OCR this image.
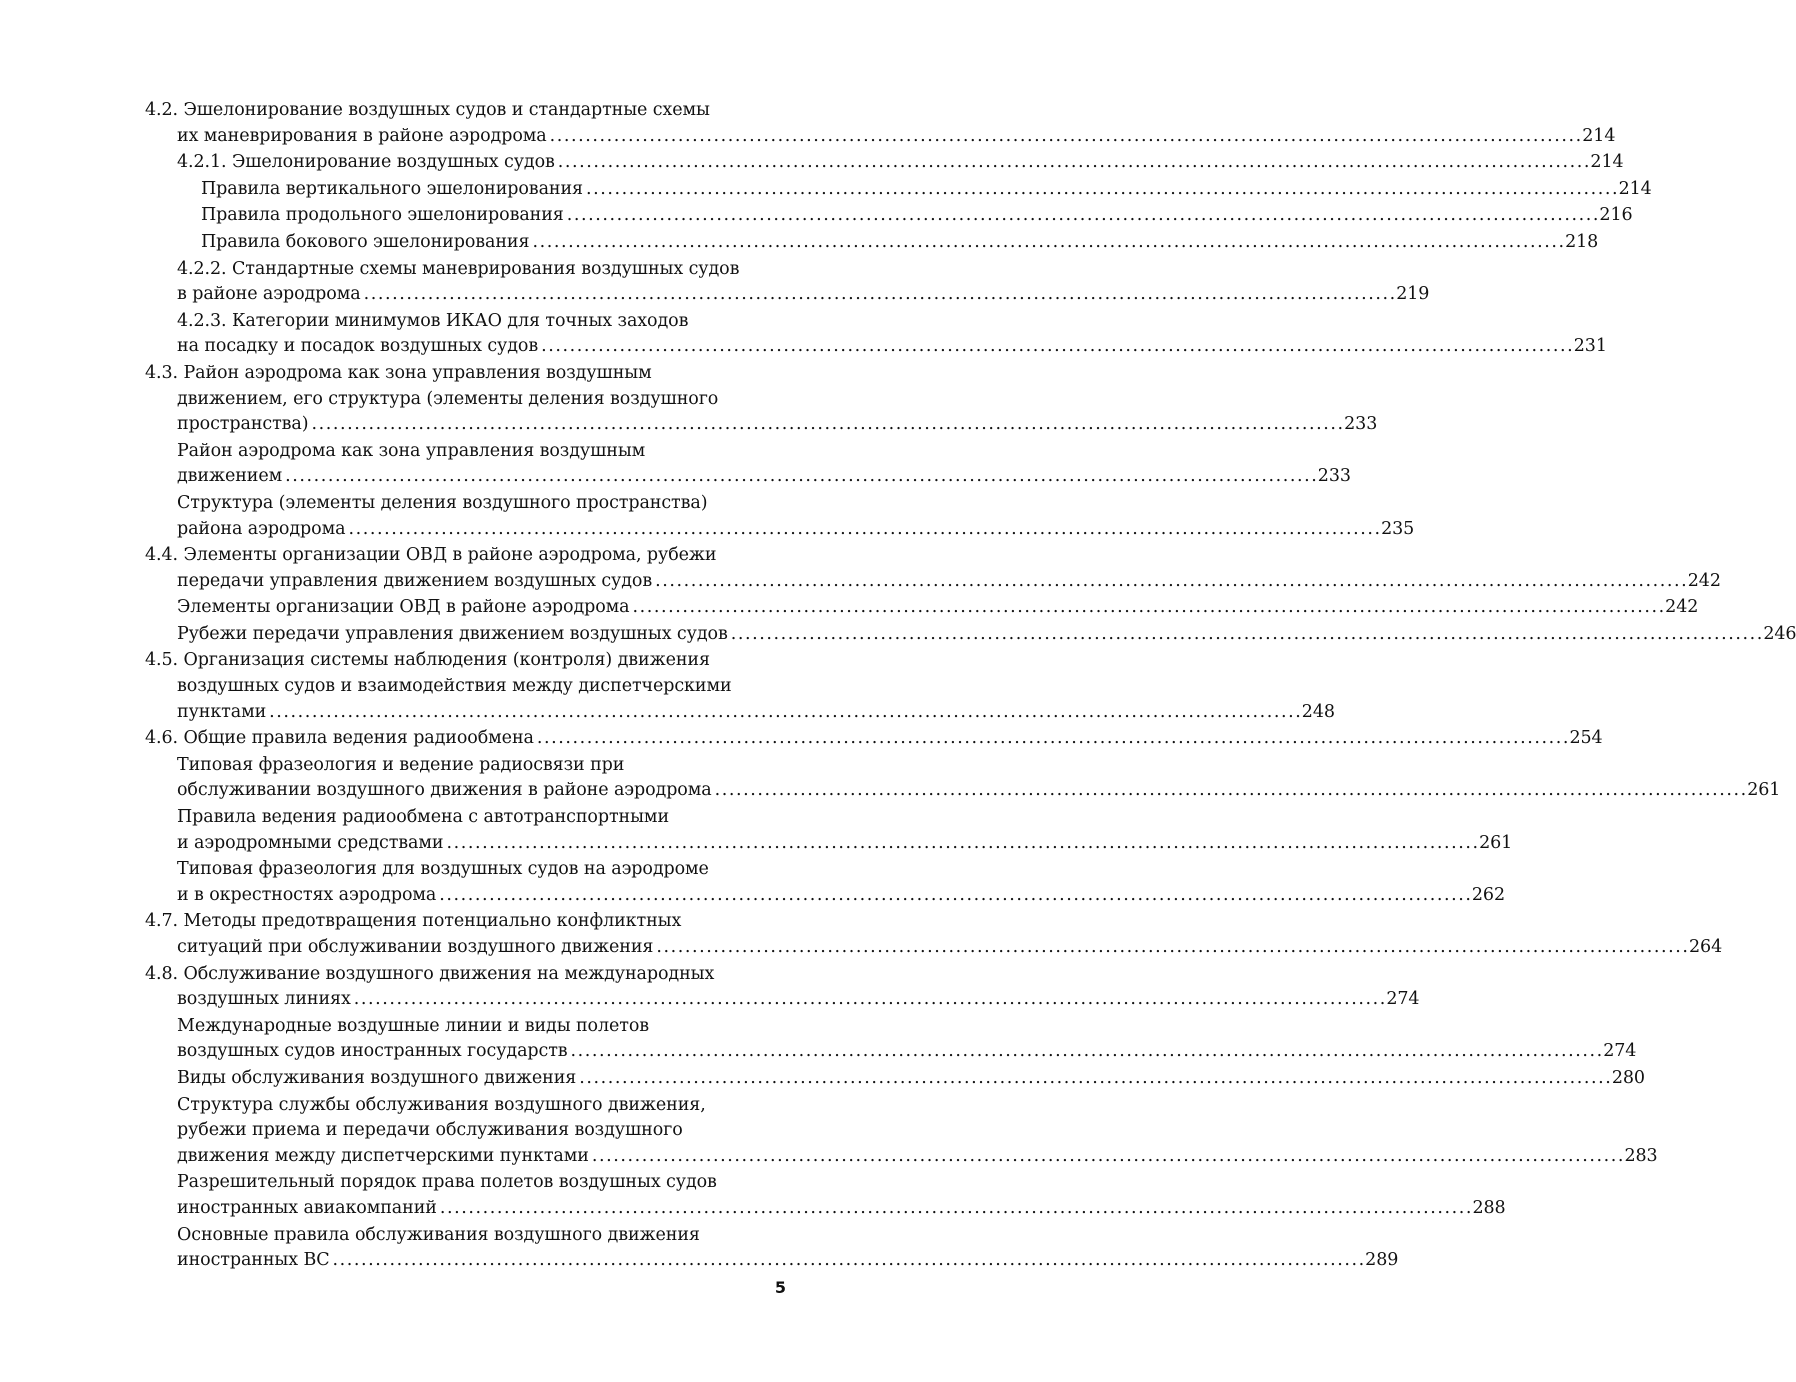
4.2. Эшелонирование воздушных судов и стандартные схемы
их маневрирования в районе аэродрома . . .	214
4.2.1. Эшелонирование воздушных судов . . .	214
Правила вертикального эшелонирования . . .	214
Правила продольного эшелонирования . . .	216
Правила бокового эшелонирования . . .	218
4.2.2. Стандартные схемы маневрирования воздушных судов
в районе аэродрома . . .	219
4.2.3. Категории минимумов ИКАО для точных заходов
на посадку и посадок воздушных судов . . .	231
4.3. Район аэродрома как зона управления воздушным
движением, его структура (элементы деления воздушного
пространства) . . .	233
Район аэродрома как зона управления воздушным
движением . . .	233
Структура (элементы деления воздушного пространства)
района аэродрома . . .	235
4.4. Элементы организации ОВД в районе аэродрома, рубежи
передачи управления движением воздушных судов . . .	242
Элементы организации ОВД в районе аэродрома . . .	242
Рубежи передачи управления движением воздушных судов . . .	246
4.5. Организация системы наблюдения (контроля) движения
воздушных судов и взаимодействия между диспетчерскими
пунктами . . .	248
4.6. Общие правила ведения радиообмена . . .	254
Типовая фразеология и ведение радиосвязи при
обслуживании воздушного движения в районе аэродрома . . .	261
Правила ведения радиообмена с автотранспортными
и аэродромными средствами . . .	261
Типовая фразеология для воздушных судов на аэродроме
и в окрестностях аэродрома . . .	262
4.7. Методы предотвращения потенциально конфликтных
ситуаций при обслуживании воздушного движения . . .	264
4.8. Обслуживание воздушного движения на международных
воздушных линиях . . .	274
Международные воздушные линии и виды полетов
воздушных судов иностранных государств . . .	274
Виды обслуживания воздушного движения . . .	280
Структура службы обслуживания воздушного движения,
рубежи приема и передачи обслуживания воздушного
движения между диспетчерскими пунктами . . .	283
Разрешительный порядок права полетов воздушных судов
иностранных авиакомпаний . . .	288
Основные правила обслуживания воздушного движения
иностранных ВС . . .	289
5
